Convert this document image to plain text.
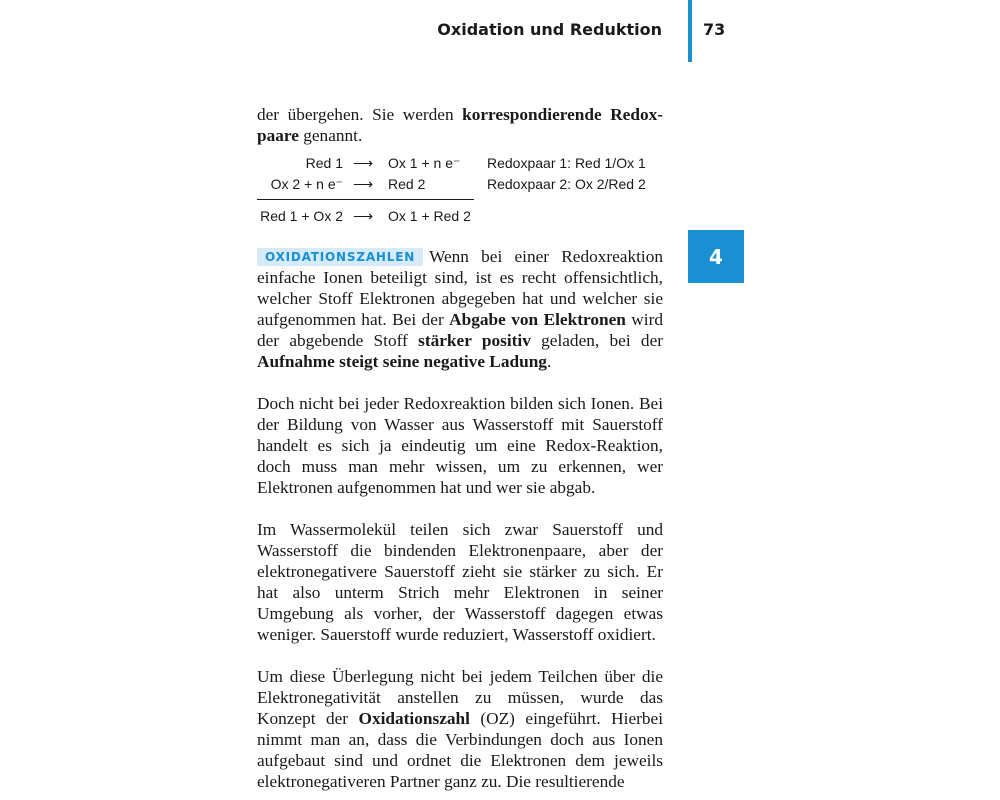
Oxidation und Reduktion	73
4

der übergehen. Sie werden korrespondierende Redox-paare genannt.

Red 1 ⟶ Ox 1 + n e⁻ Redoxpaar 1: Red 1/Ox 1
Ox 2 + n e⁻ ⟶ Red 2	Redoxpaar 2: Ox 2/Red 2
Red 1 + Ox 2 ⟶ Ox 1 + Red 2

OXIDATIONSZAHLEN Wenn bei einer Redoxreaktion einfache Ionen beteiligt sind, ist es recht offensichtlich, welcher Stoff Elektronen abgegeben hat und welcher sie aufgenommen hat. Bei der Abgabe von Elektronen wird der abgebende Stoff stärker positiv geladen, bei der Aufnahme steigt seine negative Ladung.

Doch nicht bei jeder Redoxreaktion bilden sich Ionen. Bei der Bildung von Wasser aus Wasserstoff mit Sauerstoff handelt es sich ja eindeutig um eine Redox-Reaktion, doch muss man mehr wissen, um zu erkennen, wer Elektronen aufgenommen hat und wer sie abgab.

Im Wassermolekül teilen sich zwar Sauerstoff und Wasserstoff die bindenden Elektronenpaare, aber der elektronegativere Sauerstoff zieht sie stärker zu sich. Er hat also unterm Strich mehr Elektronen in seiner Umgebung als vorher, der Wasserstoff dagegen etwas weniger. Sauerstoff wurde reduziert, Wasserstoff oxidiert.

Um diese Überlegung nicht bei jedem Teilchen über die Elektronegativität anstellen zu müssen, wurde das Konzept der Oxidationszahl (OZ) eingeführt. Hierbei nimmt man an, dass die Verbindungen doch aus Ionen aufgebaut sind und ordnet die Elektronen dem jeweils elektronegativeren Partner ganz zu. Die resultierende
